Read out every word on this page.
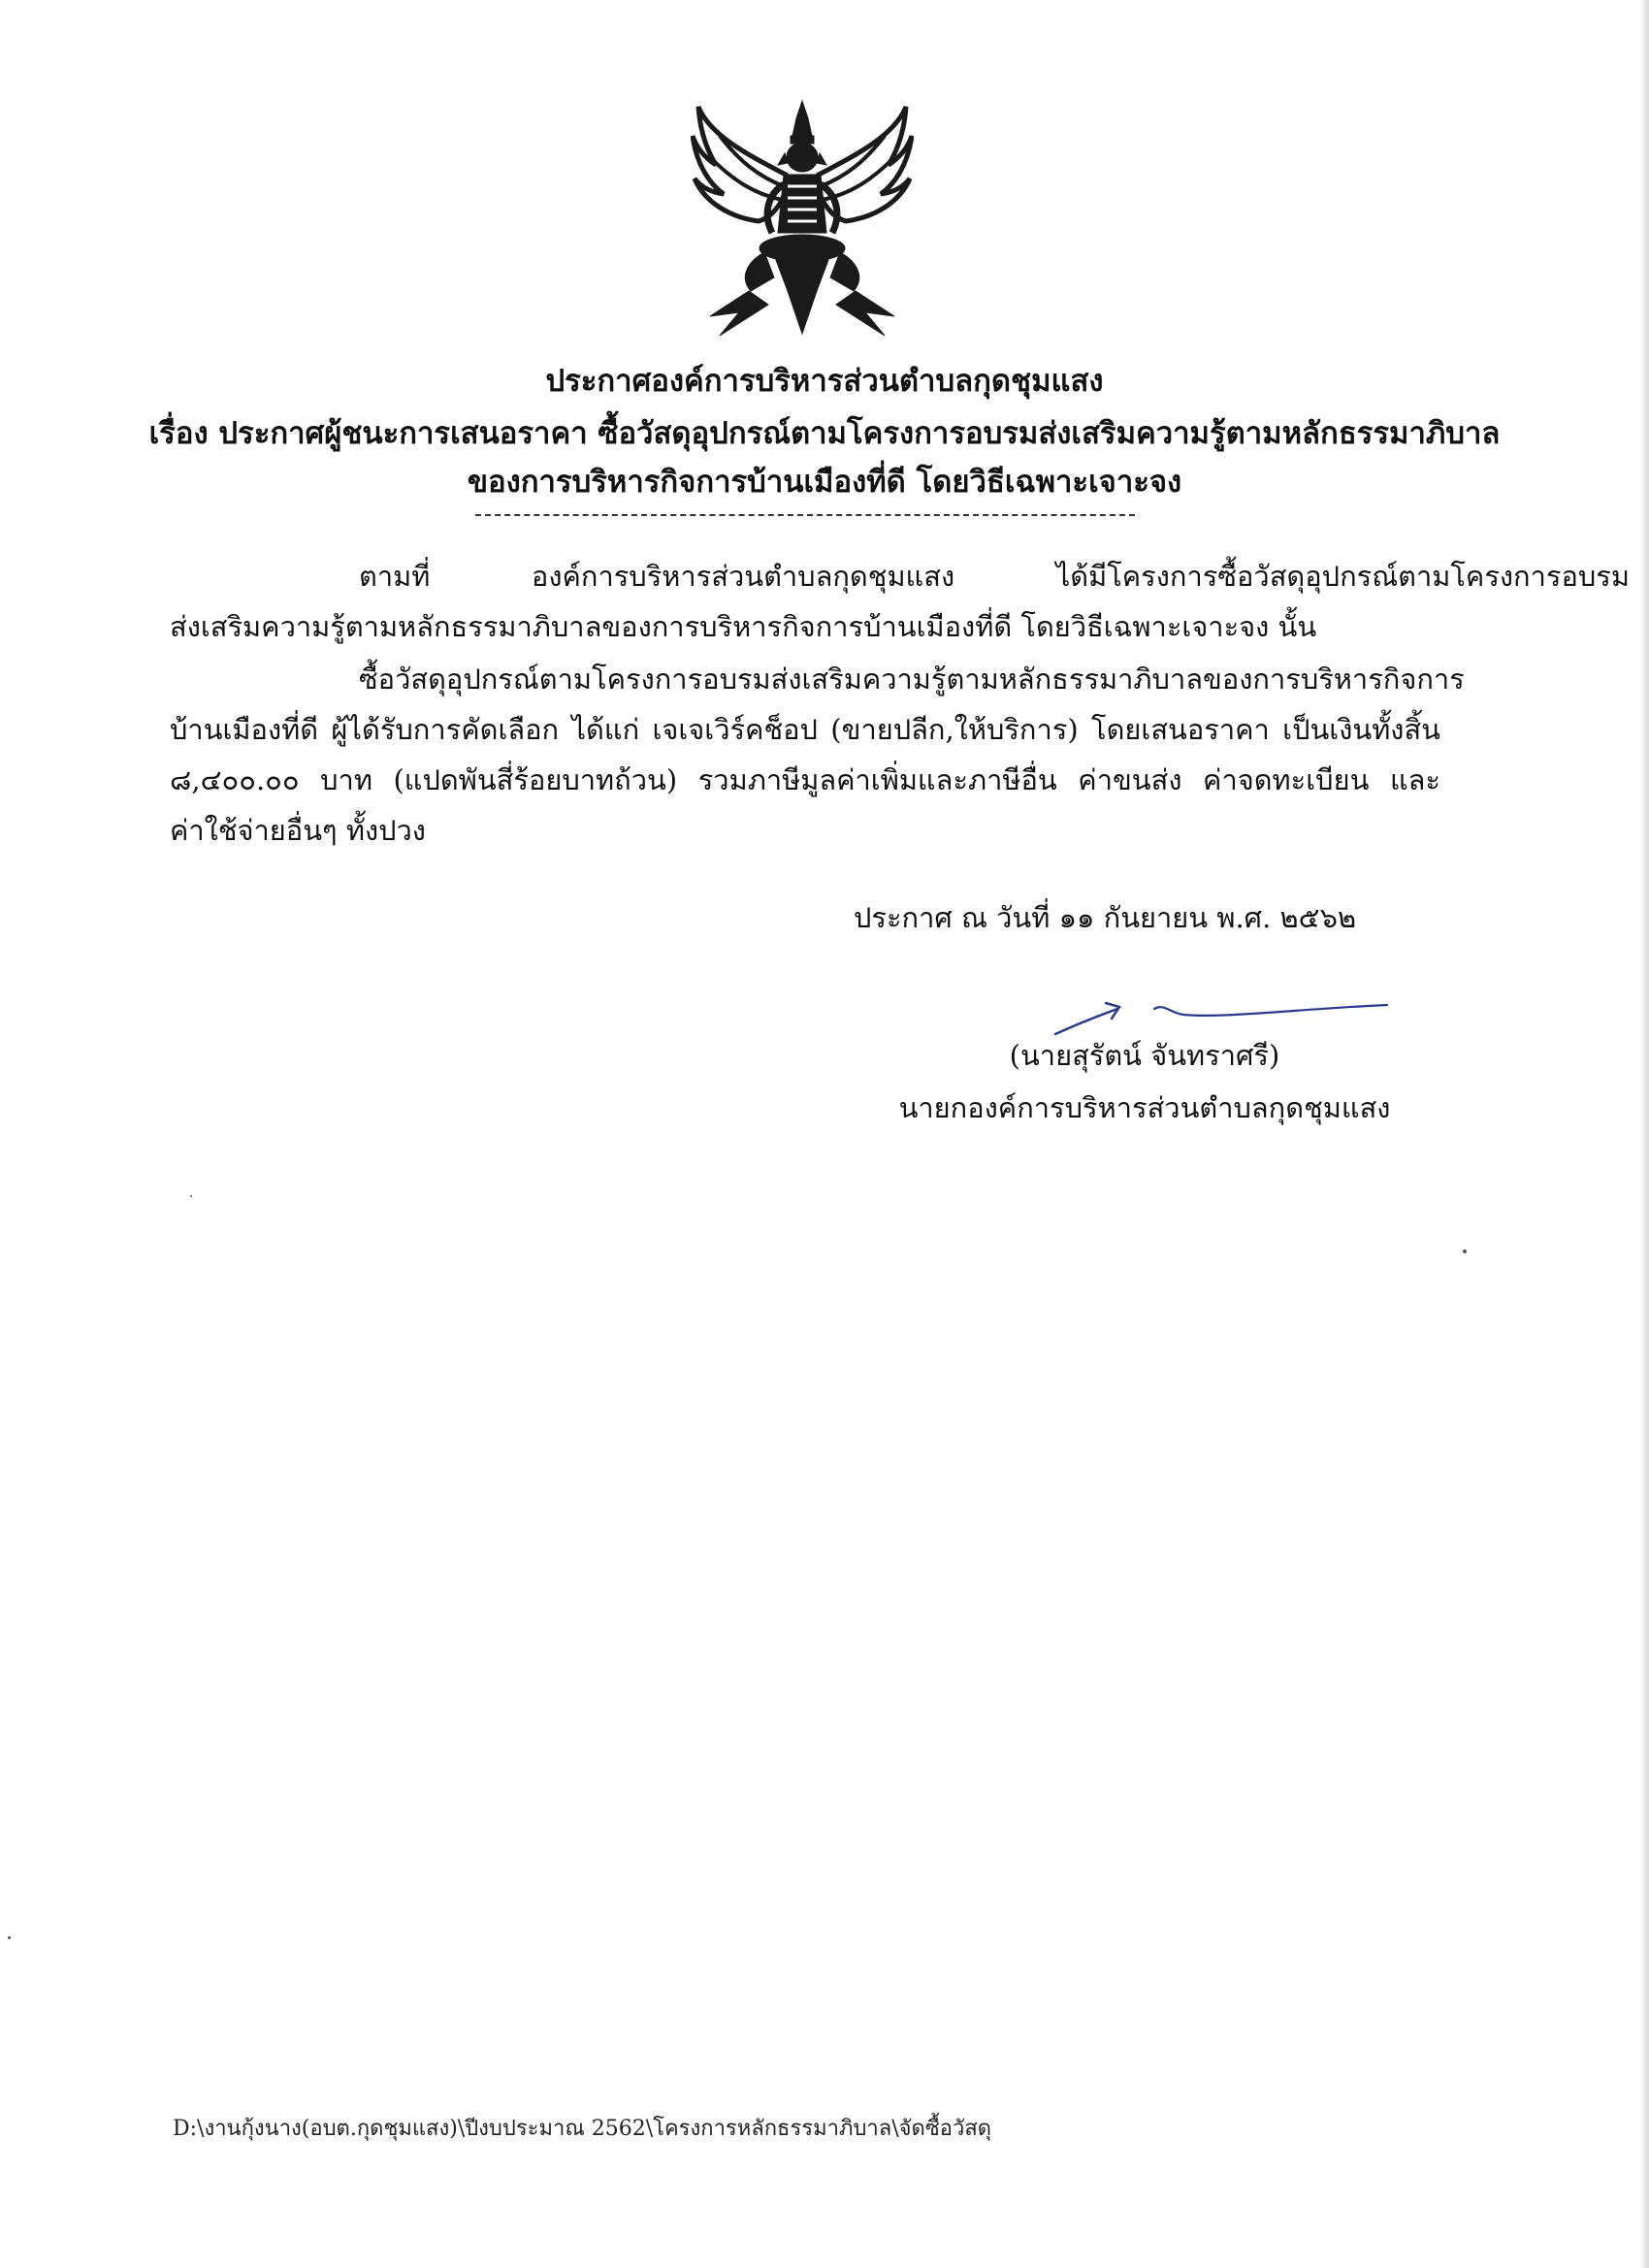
ประกาศองค์การบริหารส่วนตำบลกุดชุมแสง
เรื่อง ประกาศผู้ชนะการเสนอราคา ซื้อวัสดุอุปกรณ์ตามโครงการอบรมส่งเสริมความรู้ตามหลักธรรมาภิบาล
ของการบริหารกิจการบ้านเมืองที่ดี โดยวิธีเฉพาะเจาะจง
ตามที่ องค์การบริหารส่วนตำบลกุดชุมแสง ได้มีโครงการซื้อวัสดุอุปกรณ์ตามโครงการอบรม
ส่งเสริมความรู้ตามหลักธรรมาภิบาลของการบริหารกิจการบ้านเมืองที่ดี โดยวิธีเฉพาะเจาะจง นั้น
ซื้อวัสดุอุปกรณ์ตามโครงการอบรมส่งเสริมความรู้ตามหลักธรรมาภิบาลของการบริหารกิจการ
บ้านเมืองที่ดี ผู้ได้รับการคัดเลือก ได้แก่ เจเจเวิร์คช็อป (ขายปลีก,ให้บริการ) โดยเสนอราคา เป็นเงินทั้งสิ้น
๘,๔๐๐.๐๐ บาท (แปดพันสี่ร้อยบาทถ้วน) รวมภาษีมูลค่าเพิ่มและภาษีอื่น ค่าขนส่ง ค่าจดทะเบียน และ
ค่าใช้จ่ายอื่นๆ ทั้งปวง
ประกาศ ณ วันที่ ๑๑ กันยายน พ.ศ. ๒๕๖๒
(นายสุรัตน์ จันทราศรี)
นายกองค์การบริหารส่วนตำบลกุดชุมแสง
D:\งานกุ้งนาง(อบต.กุดชุมแสง)\ปีงบประมาณ 2562\โครงการหลักธรรมาภิบาล\จัดซื้อวัสดุ
